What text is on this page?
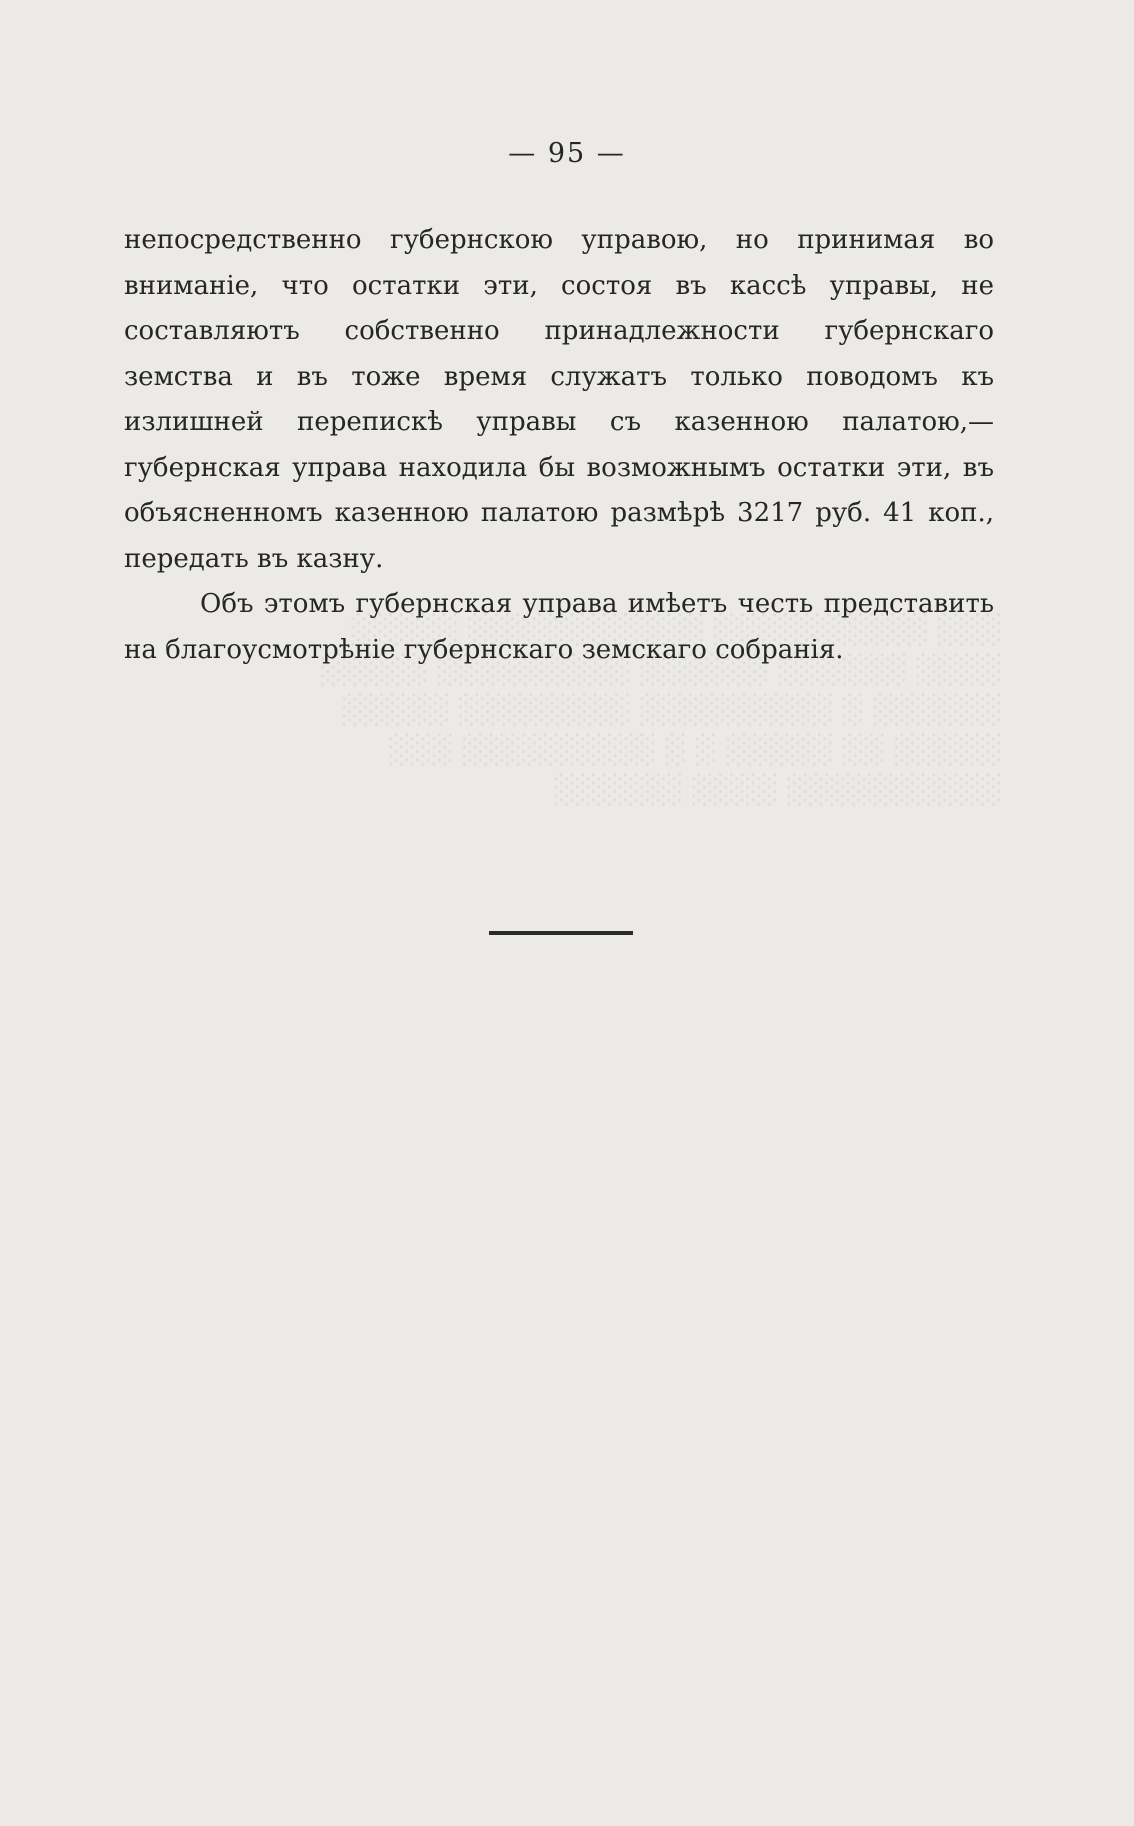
░░░ ░░░░░░░░░░ ░░░░░░░░░░░ ░░░░░
░░░░ ░░░░░░ ░░░░░░ ░░░░░░░░░ ░░░░░
░░░░░░ ░ ░░░░░░░░░ ░░░░░░░░ ░░░░░
░░░░░ ░░ ░░░░░ ░ ░ ░░░░░░░░░ ░░░
░░░░░░░░░░ ░░░░ ░░░░░░
— 95 —

непосредственно губернскою управою, но принимая во вниманіе, что остатки эти, состоя въ кассѣ управы, не составляютъ собственно принадлежности губернскаго земства и въ тоже время служатъ только поводомъ къ излишней перепискѣ управы съ казенною палатою,—губернская управа находила бы возможнымъ остатки эти, въ объясненномъ казенною палатою размѣрѣ 3217 руб. 41 коп., передать въ казну.

Объ этомъ губернская управа имѣетъ честь представить на благоусмотрѣніе губернскаго земскаго собранія.
